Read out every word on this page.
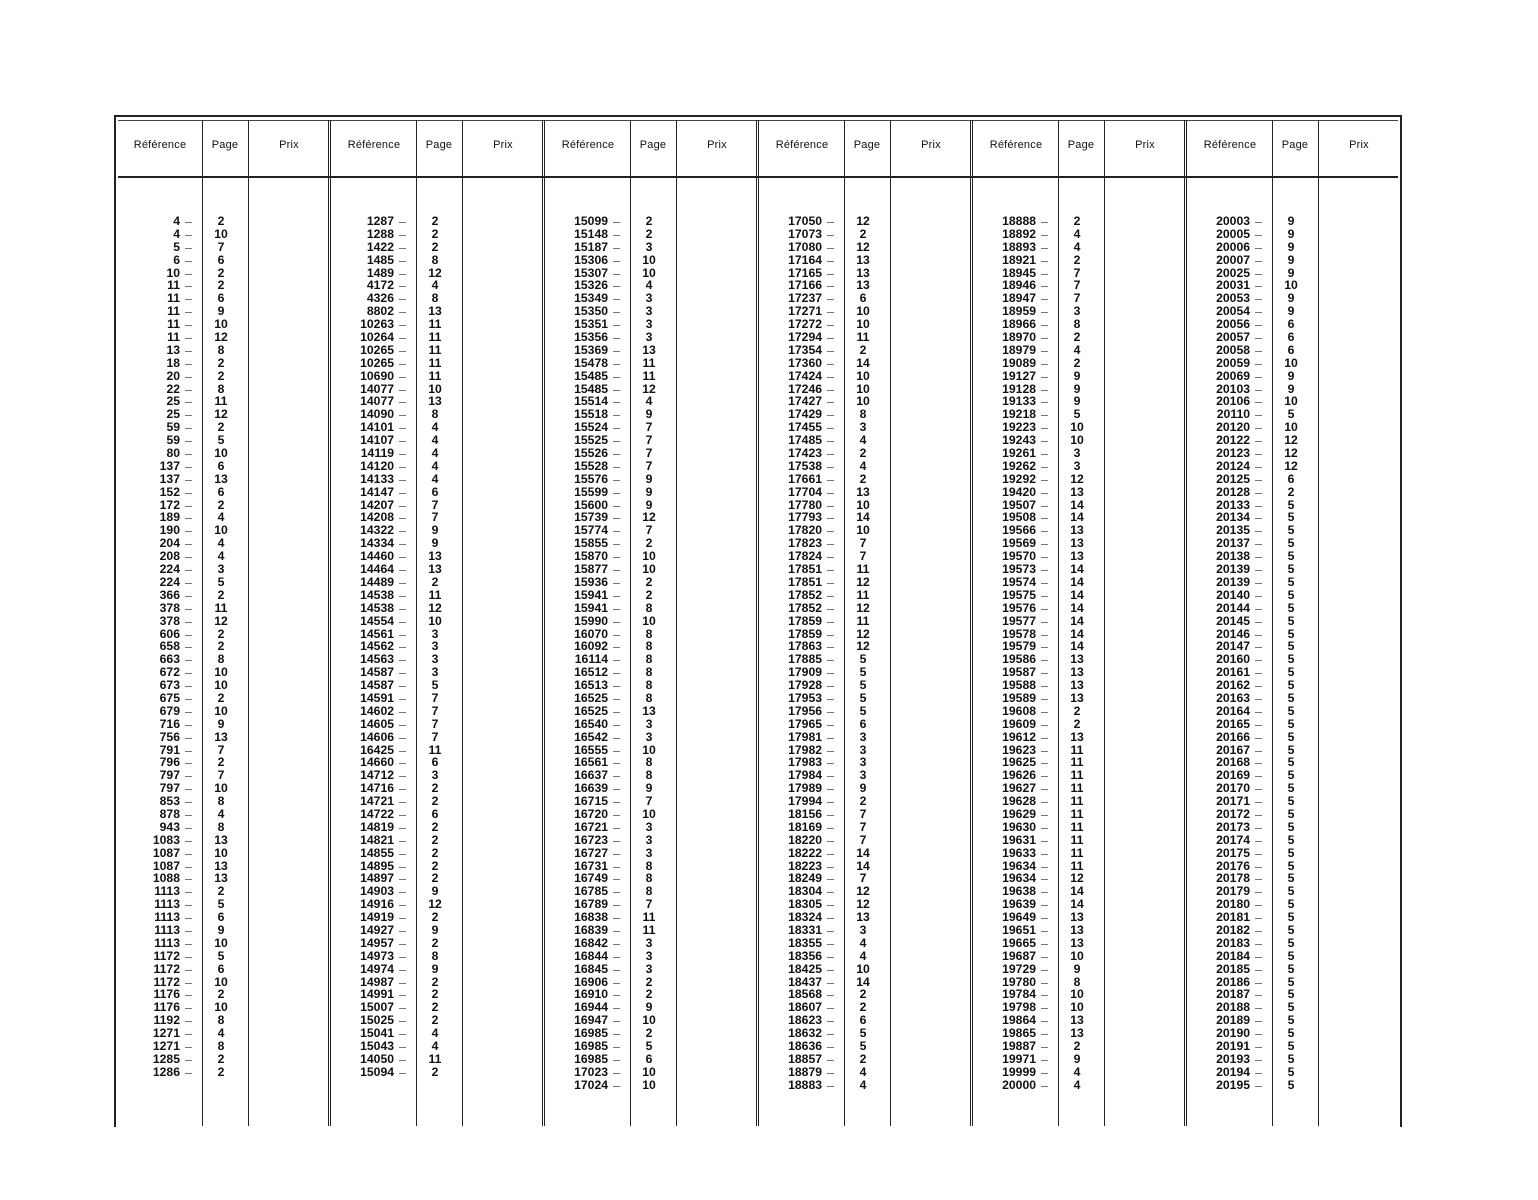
Référence	Page	Prix
4	2
4	10
5	7
6	6
10	2
11	2
11	6
11	9
11	10
11	12
13	8
18	2
20	2
22	8
25	11
25	12
59	2
59	5
80	10
137	6
137	13
152	6
172	2
189	4
190	10
204	4
208	4
224	3
224	5
366	2
378	11
378	12
606	2
658	2
663	8
672	10
673	10
675	2
679	10
716	9
756	13
791	7
796	2
797	7
797	10
853	8
878	4
943	8
1083	13
1087	10
1087	13
1088	13
1113	2
1113	5
1113	6
1113	9
1113	10
1172	5
1172	6
1172	10
1176	2
1176	10
1192	8
1271	4
1271	8
1285	2
1286	2
Référence	Page	Prix
1287	2
1288	2
1422	2
1485	8
1489	12
4172	4
4326	8
8802	13
10263	11
10264	11
10265	11
10265	11
10690	11
14077	10
14077	13
14090	8
14101	4
14107	4
14119	4
14120	4
14133	4
14147	6
14207	7
14208	7
14322	9
14334	9
14460	13
14464	13
14489	2
14538	11
14538	12
14554	10
14561	3
14562	3
14563	3
14587	3
14587	5
14591	7
14602	7
14605	7
14606	7
16425	11
14660	6
14712	3
14716	2
14721	2
14722	6
14819	2
14821	2
14855	2
14895	2
14897	2
14903	9
14916	12
14919	2
14927	9
14957	2
14973	8
14974	9
14987	2
14991	2
15007	2
15025	2
15041	4
15043	4
14050	11
15094	2
Référence	Page	Prix
15099	2
15148	2
15187	3
15306	10
15307	10
15326	4
15349	3
15350	3
15351	3
15356	3
15369	13
15478	11
15485	11
15485	12
15514	4
15518	9
15524	7
15525	7
15526	7
15528	7
15576	9
15599	9
15600	9
15739	12
15774	7
15855	2
15870	10
15877	10
15936	2
15941	2
15941	8
15990	10
16070	8
16092	8
16114	8
16512	8
16513	8
16525	8
16525	13
16540	3
16542	3
16555	10
16561	8
16637	8
16639	9
16715	7
16720	10
16721	3
16723	3
16727	3
16731	8
16749	8
16785	8
16789	7
16838	11
16839	11
16842	3
16844	3
16845	3
16906	2
16910	2
16944	9
16947	10
16985	2
16985	5
16985	6
17023	10
17024	10
Référence	Page	Prix
17050	12
17073	2
17080	12
17164	13
17165	13
17166	13
17237	6
17271	10
17272	10
17294	11
17354	2
17360	14
17424	10
17246	10
17427	10
17429	8
17455	3
17485	4
17423	2
17538	4
17661	2
17704	13
17780	10
17793	14
17820	10
17823	7
17824	7
17851	11
17851	12
17852	11
17852	12
17859	11
17859	12
17863	12
17885	5
17909	5
17928	5
17953	5
17956	5
17965	6
17981	3
17982	3
17983	3
17984	3
17989	9
17994	2
18156	7
18169	7
18220	7
18222	14
18223	14
18249	7
18304	12
18305	12
18324	13
18331	3
18355	4
18356	4
18425	10
18437	14
18568	2
18607	2
18623	6
18632	5
18636	5
18857	2
18879	4
18883	4
Référence	Page	Prix
18888	2
18892	4
18893	4
18921	2
18945	7
18946	7
18947	7
18959	3
18966	8
18970	2
18979	4
19089	2
19127	9
19128	9
19133	9
19218	5
19223	10
19243	10
19261	3
19262	3
19292	12
19420	13
19507	14
19508	14
19566	13
19569	13
19570	13
19573	14
19574	14
19575	14
19576	14
19577	14
19578	14
19579	14
19586	13
19587	13
19588	13
19589	13
19608	2
19609	2
19612	13
19623	11
19625	11
19626	11
19627	11
19628	11
19629	11
19630	11
19631	11
19633	11
19634	11
19634	12
19638	14
19639	14
19649	13
19651	13
19665	13
19687	10
19729	9
19780	8
19784	10
19798	10
19864	13
19865	13
19887	2
19971	9
19999	4
20000	4
Référence	Page	Prix
20003	9
20005	9
20006	9
20007	9
20025	9
20031	10
20053	9
20054	9
20056	6
20057	6
20058	6
20059	10
20069	9
20103	9
20106	10
20110	5
20120	10
20122	12
20123	12
20124	12
20125	6
20128	2
20133	5
20134	5
20135	5
20137	5
20138	5
20139	5
20139	5
20140	5
20144	5
20145	5
20146	5
20147	5
20160	5
20161	5
20162	5
20163	5
20164	5
20165	5
20166	5
20167	5
20168	5
20169	5
20170	5
20171	5
20172	5
20173	5
20174	5
20175	5
20176	5
20178	5
20179	5
20180	5
20181	5
20182	5
20183	5
20184	5
20185	5
20186	5
20187	5
20188	5
20189	5
20190	5
20191	5
20193	5
20194	5
20195	5
